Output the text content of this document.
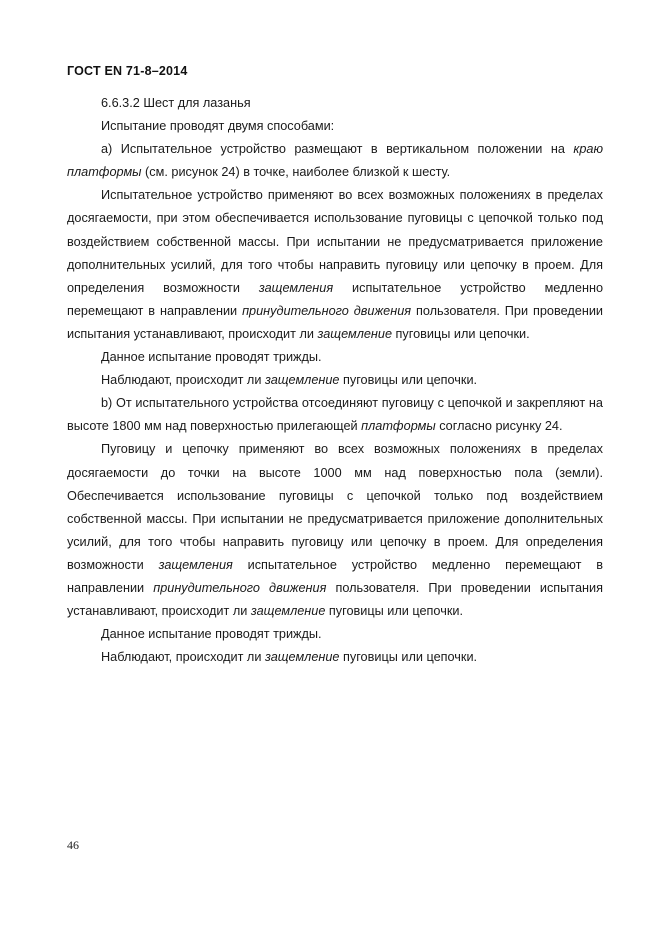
ГОСТ EN 71-8–2014

6.6.3.2 Шест для лазанья

Испытание проводят двумя способами:

a) Испытательное устройство размещают в вертикальном положении на краю платформы (см. рисунок 24) в точке, наиболее близкой к шесту.

Испытательное устройство применяют во всех возможных положениях в пределах досягаемости, при этом обеспечивается использование пуговицы с цепочкой только под воздействием собственной массы. При испытании не предусматривается приложение дополнительных усилий, для того чтобы направить пуговицу или цепочку в проем. Для определения возможности защемления испытательное устройство медленно перемещают в направлении принудительного движения пользователя. При проведении испытания устанавливают, происходит ли защемление пуговицы или цепочки.

Данное испытание проводят трижды.

Наблюдают, происходит ли защемление пуговицы или цепочки.

b) От испытательного устройства отсоединяют пуговицу с цепочкой и закрепляют на высоте 1800 мм над поверхностью прилегающей платформы согласно рисунку 24.

Пуговицу и цепочку применяют во всех возможных положениях в пределах досягаемости до точки на высоте 1000 мм над поверхностью пола (земли). Обеспечивается использование пуговицы с цепочкой только под воздействием собственной массы. При испытании не предусматривается приложение дополнительных усилий, для того чтобы направить пуговицу или цепочку в проем. Для определения возможности защемления испытательное устройство медленно перемещают в направлении принудительного движения пользователя. При проведении испытания устанавливают, происходит ли защемление пуговицы или цепочки.

Данное испытание проводят трижды.

Наблюдают, происходит ли защемление пуговицы или цепочки.

46
